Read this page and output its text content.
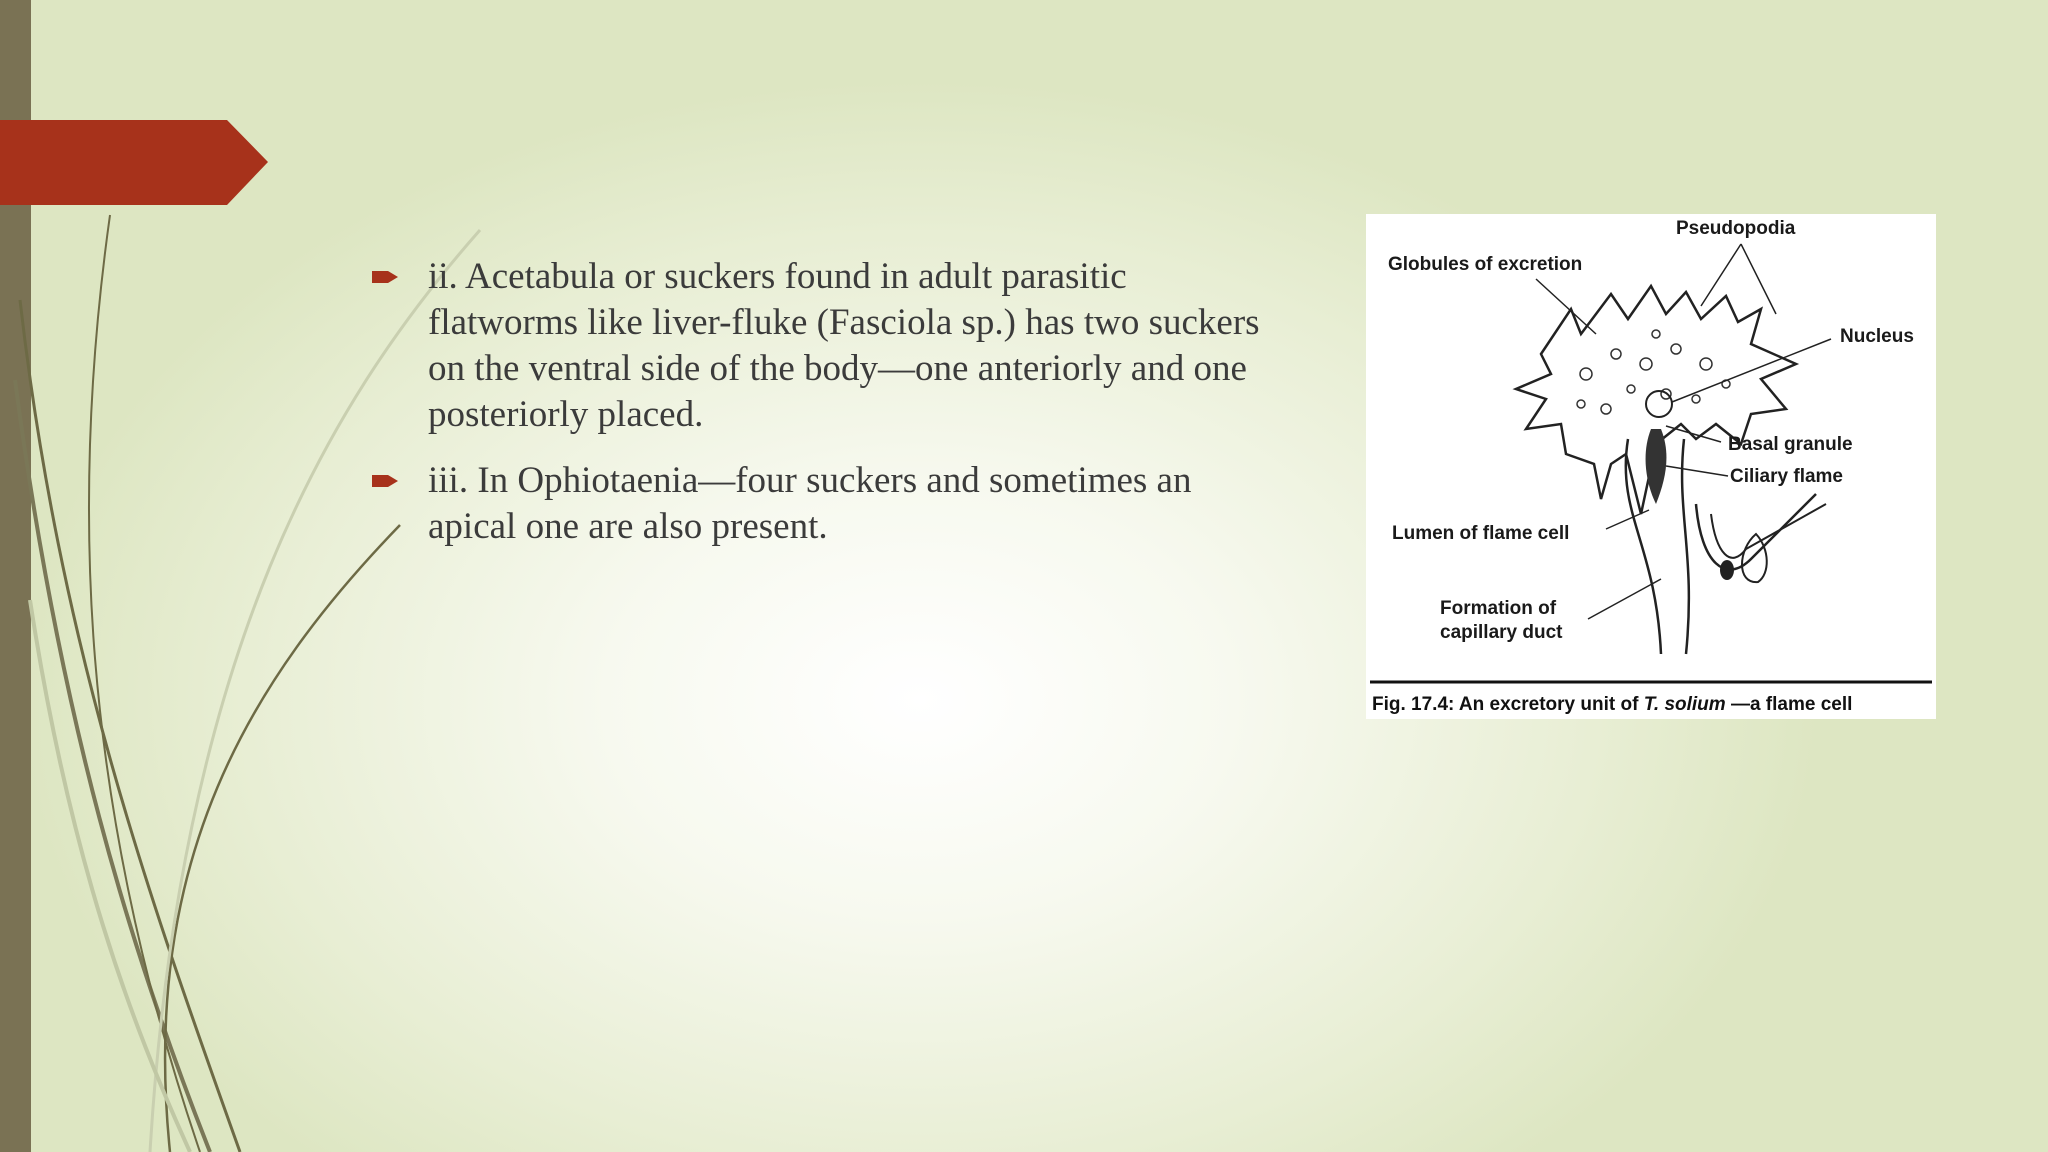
ii. Acetabula or suckers found in adult parasitic flatworms like liver-fluke (Fasciola sp.) has two suckers on the ventral side of the body—one anteriorly and one posteriorly placed.
iii. In Ophiotaenia—four suckers and sometimes an apical one are also present.
Pseudopodia
Globules of excretion
Nucleus
Basal granule
Ciliary flame
Lumen of flame cell
Formation of
capillary duct
Fig. 17.4: An excretory unit of T. solium —a flame cell
